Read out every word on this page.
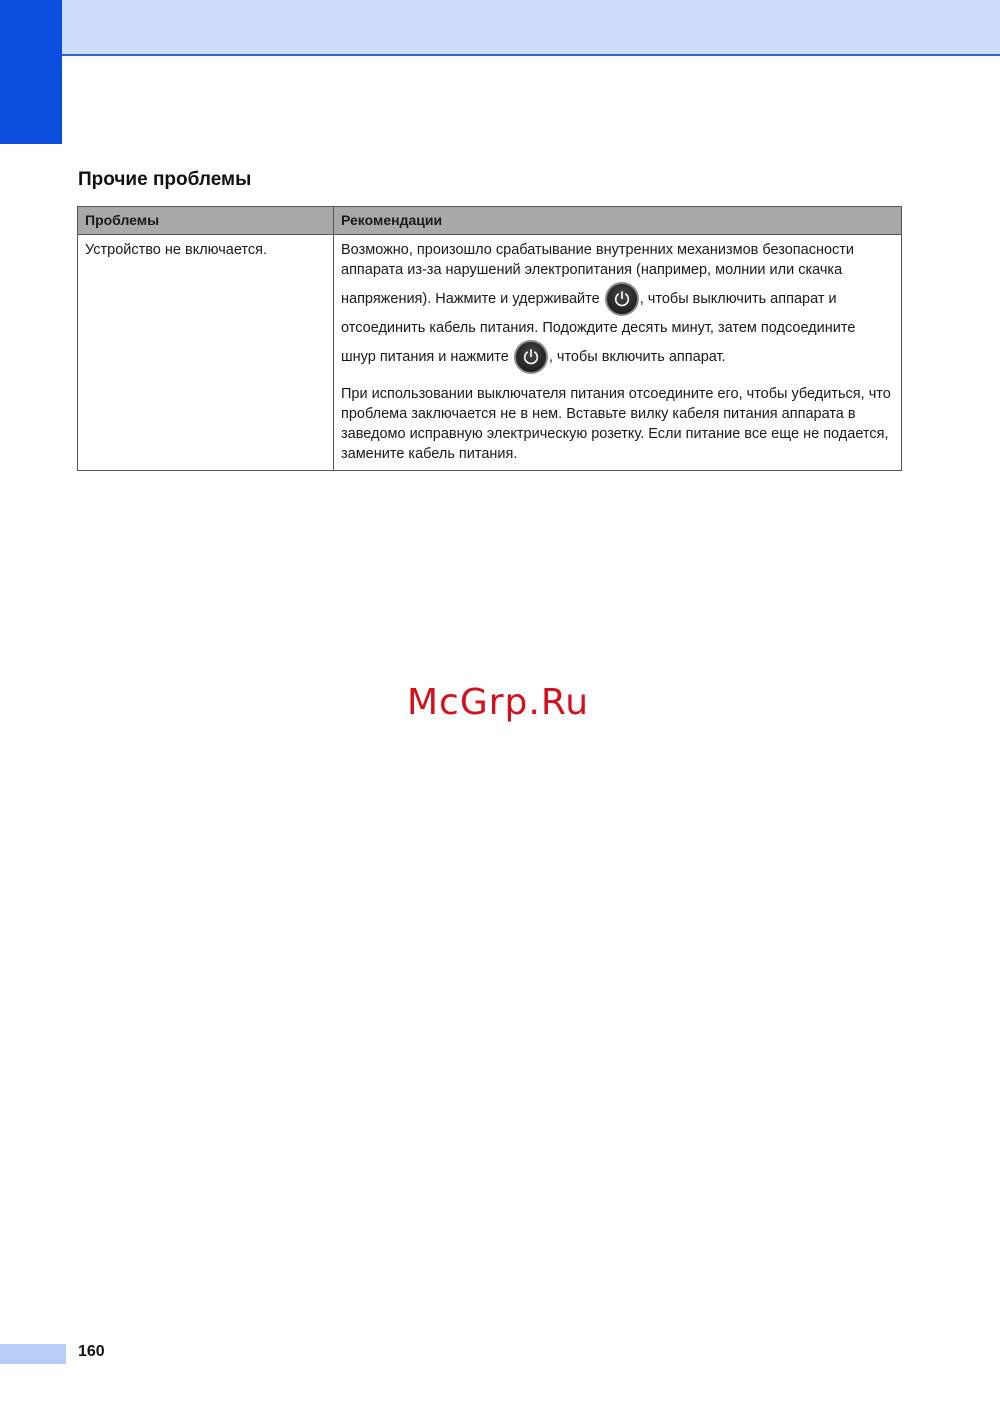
Прочие проблемы
Проблемы	Рекомендации
Устройство не включается.	Возможно, произошло срабатывание внутренних механизмов безопасности аппарата из-за нарушений электропитания (например, молнии или скачка напряжения). Нажмите и удерживайте
, чтобы выключить аппарат и отсоединить кабель питания. Подождите десять минут, затем подсоедините шнур питания и нажмите
, чтобы включить аппарат.

При использовании выключателя питания отсоедините его, чтобы убедиться, что проблема заключается не в нем. Вставьте вилку кабеля питания аппарата в заведомо исправную электрическую розетку. Если питание все еще не подается, замените кабель питания.

McGrp.Ru
160
